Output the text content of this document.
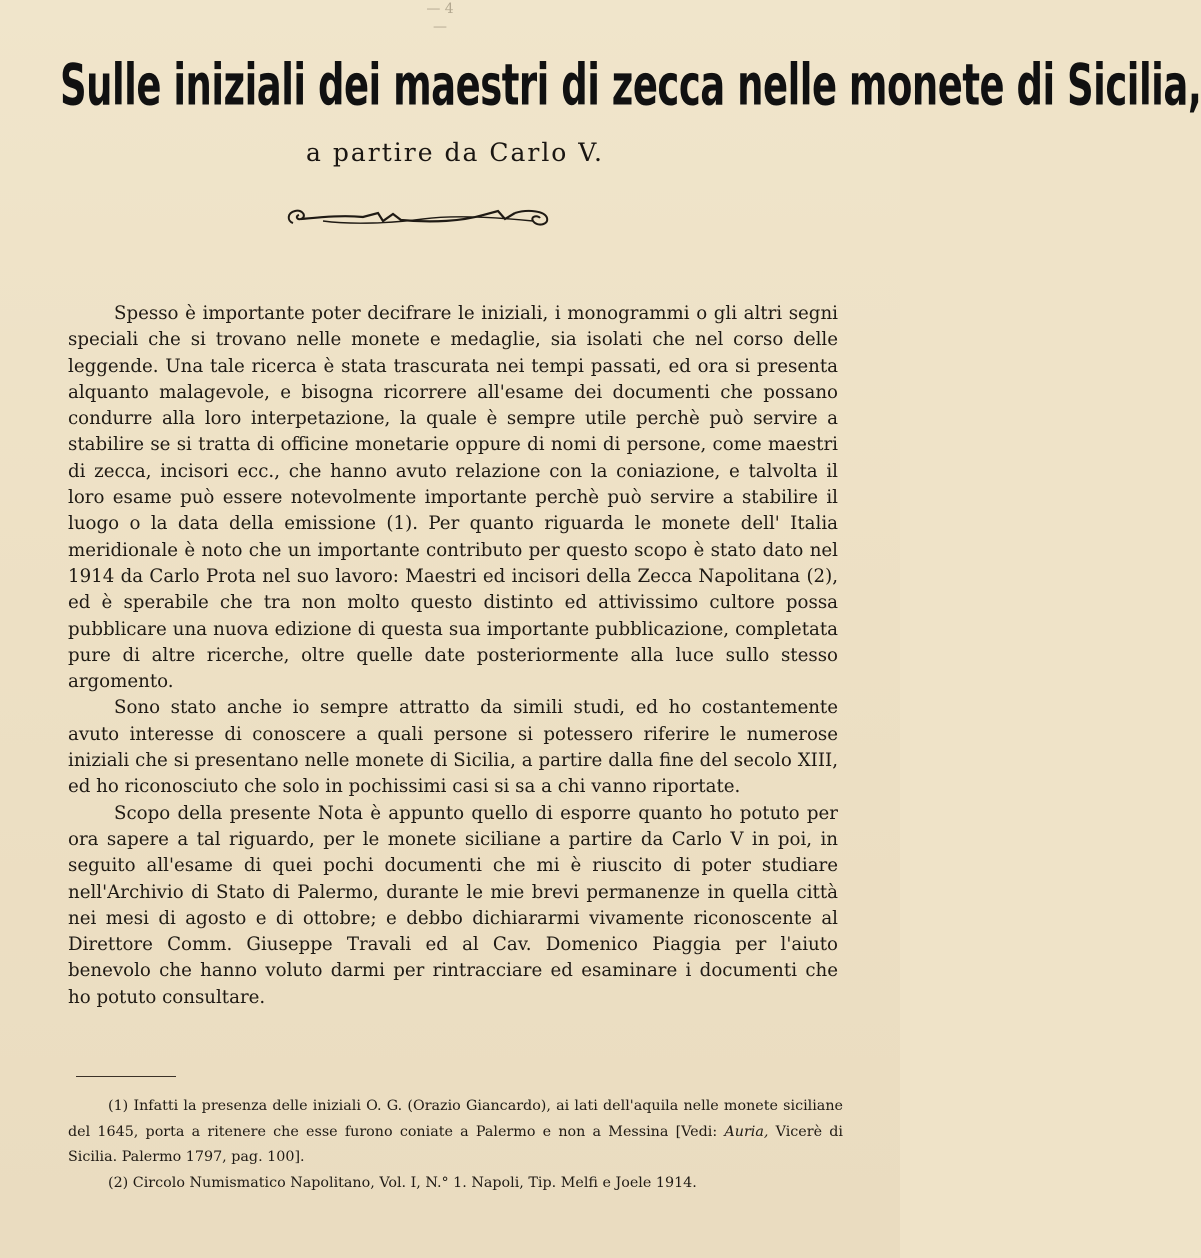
— 4 —
Sulle iniziali dei maestri di zecca nelle monete di Sicilia,
a partire da Carlo V.

Spesso è importante poter decifrare le iniziali, i monogrammi o gli altri segni speciali che si trovano nelle monete e medaglie, sia isolati che nel corso delle leggende. Una tale ricerca è stata trascurata nei tempi passati, ed ora si presenta alquanto malagevole, e bisogna ricorrere all'esame dei documenti che possano condurre alla loro interpetazione, la quale è sempre utile perchè può servire a stabilire se si tratta di officine monetarie oppure di nomi di persone, come maestri di zecca, incisori ecc., che hanno avuto relazione con la coniazione, e talvolta il loro esame può essere notevolmente importante perchè può servire a stabilire il luogo o la data della emissione (1). Per quanto riguarda le monete dell' Italia meridionale è noto che un importante contributo per questo scopo è stato dato nel 1914 da Carlo Prota nel suo lavoro: Maestri ed incisori della Zecca Napolitana (2), ed è sperabile che tra non molto questo distinto ed attivissimo cultore possa pubblicare una nuova edizione di questa sua importante pubblicazione, completata pure di altre ricerche, oltre quelle date posteriormente alla luce sullo stesso argomento.

Sono stato anche io sempre attratto da simili studi, ed ho costantemente avuto interesse di conoscere a quali persone si potessero riferire le numerose iniziali che si presentano nelle monete di Sicilia, a partire dalla fine del secolo XIII, ed ho riconosciuto che solo in pochissimi casi si sa a chi vanno riportate.

Scopo della presente Nota è appunto quello di esporre quanto ho potuto per ora sapere a tal riguardo, per le monete siciliane a partire da Carlo V in poi, in seguito all'esame di quei pochi documenti che mi è riuscito di poter studiare nell'Archivio di Stato di Palermo, durante le mie brevi permanenze in quella città nei mesi di agosto e di ottobre; e debbo dichiararmi vivamente riconoscente al Direttore Comm. Giuseppe Travali ed al Cav. Domenico Piaggia per l'aiuto benevolo che hanno voluto darmi per rintracciare ed esaminare i documenti che ho potuto consultare.

(1) Infatti la presenza delle iniziali O. G. (Orazio Giancardo), ai lati dell'aquila nelle monete siciliane del 1645, porta a ritenere che esse furono coniate a Palermo e non a Messina [Vedi: Auria, Vicerè di Sicilia. Palermo 1797, pag. 100].

(2) Circolo Numismatico Napolitano, Vol. I, N.° 1. Napoli, Tip. Melfi e Joele 1914.
